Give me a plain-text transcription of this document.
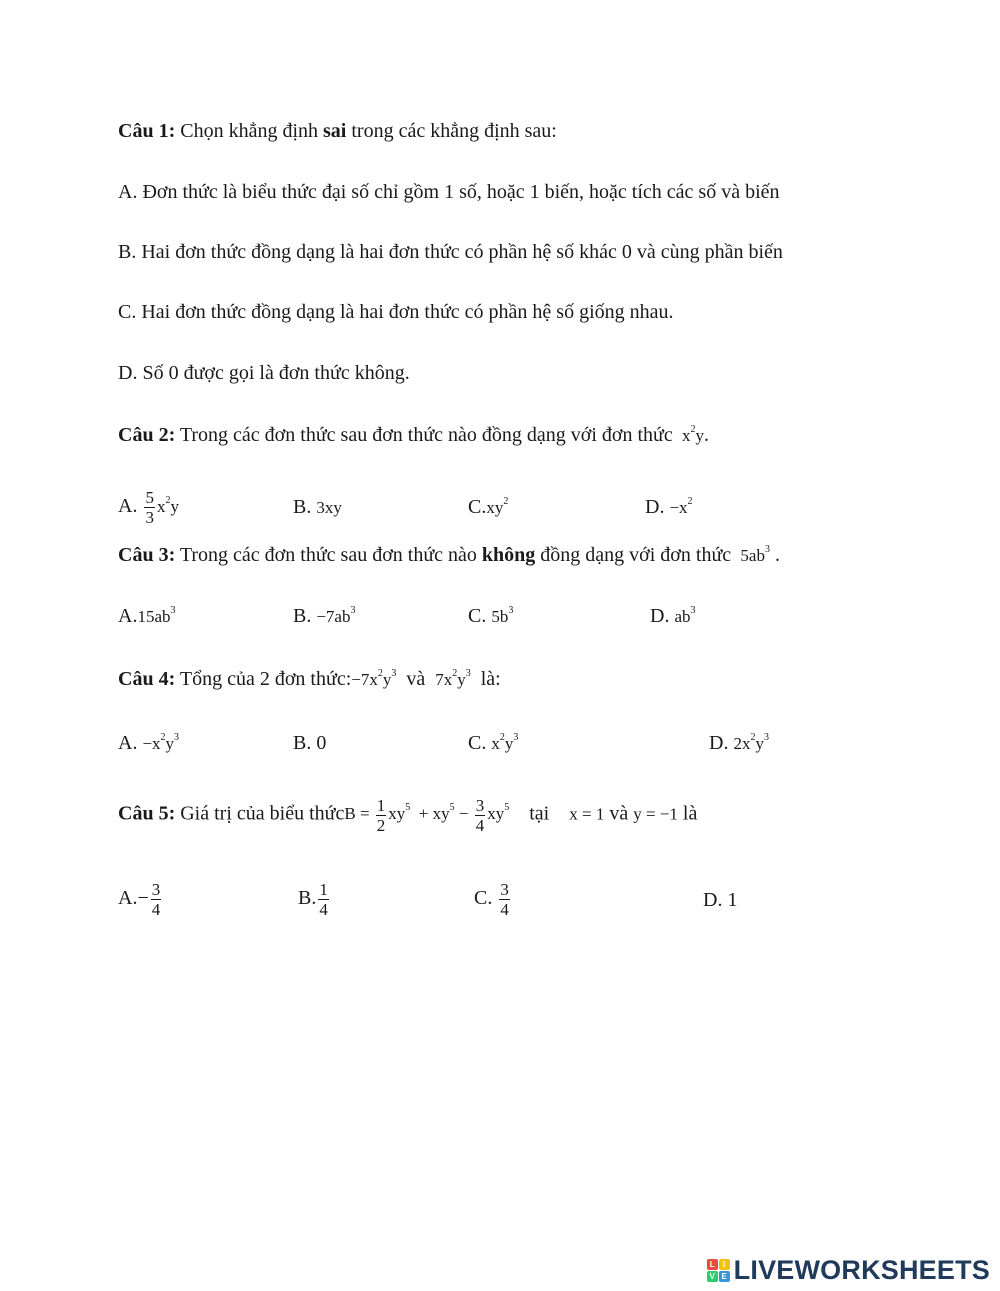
Câu 1: Chọn khẳng định sai trong các khẳng định sau:
A. Đơn thức là biểu thức đại số chỉ gồm 1 số, hoặc 1 biến, hoặc tích các số và biến
B. Hai đơn thức đồng dạng là hai đơn thức có phần hệ số khác 0 và cùng phần biến
C. Hai đơn thức đồng dạng là hai đơn thức có phần hệ số giống nhau.
D. Số 0 được gọi là đơn thức không.
Câu 2: Trong các đơn thức sau đơn thức nào đồng dạng với đơn thức $x^2y$.
A. $\frac{5}{3} x^2y$	B. 3xy	$C.xy^2$	D. $-x^2$
Câu 3: Trong các đơn thức sau đơn thức nào không đồng dạng với đơn thức $5ab^3$ .
$A.15ab^3$	B. $-7ab^3$	C. $5b^3$	D. $ab^3$
Câu 4: Tổng của 2 đơn $thức:-7x^2y^3$ và $7x^2y^3$ là:
A. $-x^2y^3$	B. 0	C. $x^2y^3$	D. $2x^2y^3$
Câu 5: Giá trị của biểu thứcB = $\frac{1}{2} xy^5 + xy^5 - \frac{3}{4} xy^5$ tại x = 1 và y = −1 là
$A.- \frac{3}{4}$	B. $\frac{1}{4}$	C. $\frac{3}{4}$	D. 1
L	I
V E LIVEWORKSHEETS
